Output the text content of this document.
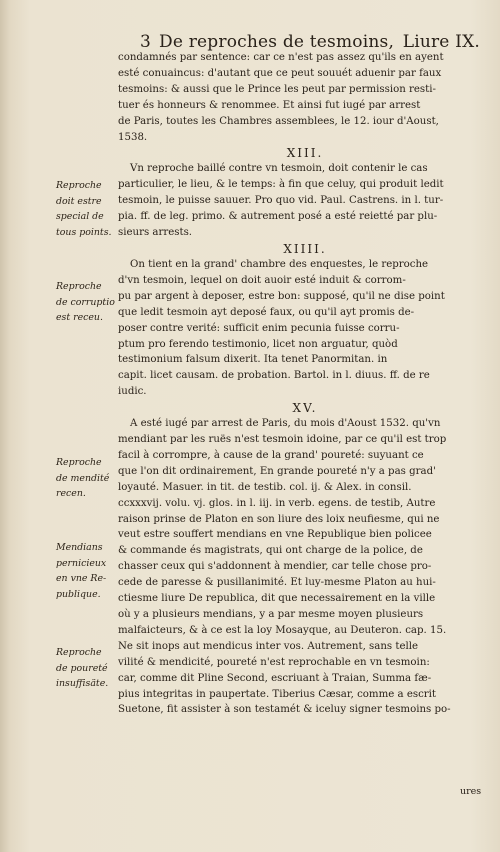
3 De reproches de tesmoins, Liure IX.
condamnés par sentence: car ce n'est pas assez qu'ils en ayent
esté conuaincus: d'autant que ce peut souuét aduenir par faux
tesmoins: & aussi que le Prince les peut par permission resti-
tuer és honneurs & renommee. Et ainsi fut iugé par arrest
de Paris, toutes les Chambres assemblees, le 12. iour d'Aoust,
1538.
XIII.
Vn reproche baillé contre vn tesmoin, doit contenir le cas
particulier, le lieu, & le temps: à fin que celuy, qui produit ledit
tesmoin, le puisse sauuer. Pro quo vid. Paul. Castrens. in l. tur-
pia. ff. de leg. primo. & autrement posé a esté reietté par plu-
sieurs arrests.
XIIII.
On tient en la grand' chambre des enquestes, le reproche
d'vn tesmoin, lequel on doit auoir esté induit & corrom-
pu par argent à deposer, estre bon: supposé, qu'il ne dise point
que ledit tesmoin ayt deposé faux, ou qu'il ayt promis de-
poser contre verité: sufficit enim pecunia fuisse corru-
ptum pro ferendo testimonio, licet non arguatur, quòd
testimonium falsum dixerit. Ita tenet Panormitan. in
capit. licet causam. de probation. Bartol. in l. diuus. ff. de re
iudic.
XV.
A esté iugé par arrest de Paris, du mois d'Aoust 1532. qu'vn
mendiant par les ruës n'est tesmoin idoine, par ce qu'il est trop
facil à corrompre, à cause de la grand' poureté: suyuant ce
que l'on dit ordinairement, En grande poureté n'y a pas grad'
loyauté. Masuer. in tit. de testib. col. ij. & Alex. in consil.
ccxxxvij. volu. vj. glos. in l. iij. in verb. egens. de testib, Autre
raison prinse de Platon en son liure des loix neufiesme, qui ne
veut estre souffert mendians en vne Republique bien policee
& commande és magistrats, qui ont charge de la police, de
chasser ceux qui s'addonnent à mendier, car telle chose pro-
cede de paresse & pusillanimité. Et luy-mesme Platon au hui-
ctiesme liure De republica, dit que necessairement en la ville
où y a plusieurs mendians, y a par mesme moyen plusieurs
malfaicteurs, & à ce est la loy Mosayque, au Deuteron. cap. 15.
Ne sit inops aut mendicus inter vos. Autrement, sans telle
vilité & mendicité, poureté n'est reprochable en vn tesmoin:
car, comme dit Pline Second, escriuant à Traian, Summa fæ-
pius integritas in paupertate. Tiberius Cæsar, comme a escrit
Suetone, fit assister à son testamét & iceluy signer tesmoins po-
Reproche
doit estre
special de
tous points.
Reproche
de corruptio
est receu.
Reproche
de mendité
recen.
Mendians
pernicieux
en vne Re-
publique.
Reproche
de poureté
insuffisäte.
ures
